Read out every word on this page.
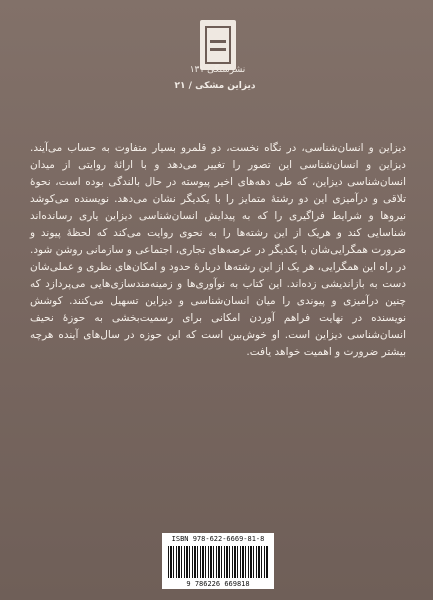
نشرشنگی ۱۳۱
دیزاین مشکی / ۲۱

دیزاین و انسان‌شناسی، در نگاه نخست، دو قلمرو بسیار متفاوت به حساب می‌آیند. دیزاین و انسان‌شناسی این تصور را تغییر می‌دهد و با ارائهٔ روایتی از میدان انسان‌شناسی دیزاین، که طی دهه‌های اخیر پیوسته در حال بالندگی بوده است، نحوهٔ تلاقی و درآمیزی این دو رشتهٔ متمایز را با یکدیگر نشان می‌دهد. نویسنده می‌کوشد نیروها و شرایط فراگیری را که به پیدایش انسان‌شناسی دیزاین یاری رسانده‌اند شناسایی کند و هریک از این رشته‌ها را به نحوی روایت می‌کند که لحظهٔ پیوند و ضرورت همگرایی‌شان با یکدیگر در عرصه‌های تجاری، اجتماعی و سازمانی روشن شود. در راه این همگرایی، هر یک از این رشته‌ها دربارهٔ حدود و امکان‌های نظری و عملی‌شان دست به بازاندیشی زده‌اند. این کتاب به نوآوری‌ها و زمینه‌مندسازی‌هایی می‌پردازد که چنین درآمیزی و پیوندی را میان انسان‌شناسی و دیزاین تسهیل می‌کنند. کوشش نویسنده در نهایت فراهم آوردن امکانی برای رسمیت‌بخشی به حوزهٔ نحیف انسان‌شناسی دیزاین است. او خوش‌بین است که این حوزه در سال‌های آینده هرچه بیشتر ضرورت و اهمیت خواهد یافت.

ISBN 978-622-6669-81-8
9 786226 669818
